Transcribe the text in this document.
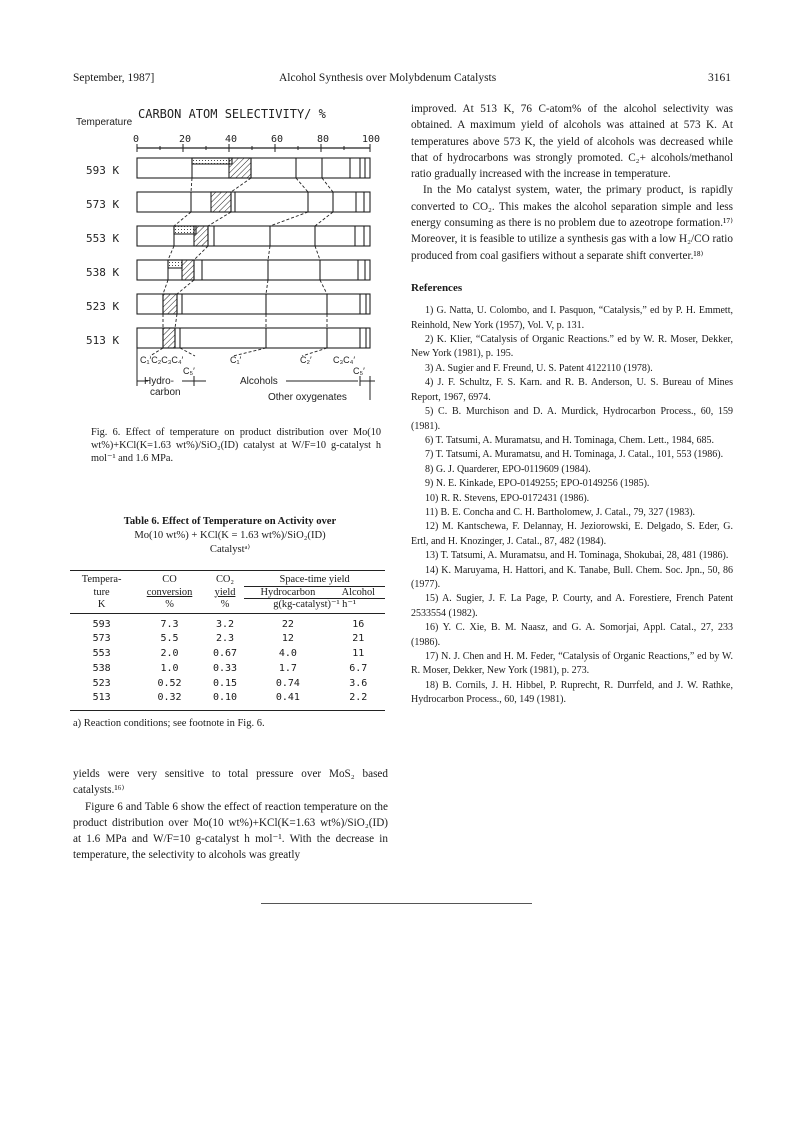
September, 1987]	Alcohol Synthesis over Molybdenum Catalysts	3161
Temperature
CARBON ATOM SELECTIVITY/ %
0	20	40	60	80	100
593 K
573 K
553 K
538 K
523 K
513 K
C₁′C₂C₃C₄′
C₅′
C₁′	C₂′ C₃C₄′
C₅′
Hydro-
carbon
Alcohols
Other oxygenates
Fig. 6. Effect of temperature on product distribution over Mo(10 wt%)+KCl(K=1.63 wt%)/SiO₂(ID) catalyst at W/F=10 g-catalyst h mol⁻¹ and 1.6 MPa.
Table 6. Effect of Temperature on Activity over
Mo(10 wt%) + KCl(K = 1.63 wt%)/SiO₂(ID)
Catalystᵃ⁾
Tempera-	CO	CO₂	Space-time yield	
ture	conversion	yield	Hydrocarbon	Alcohol
K	%	%	g(kg-catalyst)⁻¹ h⁻¹	
593	7.3	3.2	22	16
573	5.5	2.3	12	21
553	2.0	0.67	4.0	11
538	1.0	0.33	1.7	6.7
523	0.52	0.15	0.74	3.6
513	0.32	0.10	0.41	2.2
a) Reaction conditions; see footnote in Fig. 6.

yields were very sensitive to total pressure over MoS₂ based catalysts.¹⁶⁾

Figure 6 and Table 6 show the effect of reaction temperature on the product distribution over Mo(10 wt%)+KCl(K=1.63 wt%)/SiO₂(ID) at 1.6 MPa and W/F=10 g-catalyst h mol⁻¹. With the decrease in temperature, the selectivity to alcohols was greatly

improved. At 513 K, 76 C-atom% of the alcohol selectivity was obtained. A maximum yield of alcohols was attained at 573 K. At temperatures above 573 K, the yield of alcohols was decreased while that of hydrocarbons was strongly promoted. C₂+ alcohols/methanol ratio gradually increased with the increase in temperature.

In the Mo catalyst system, water, the primary product, is rapidly converted to CO₂. This makes the alcohol separation simple and less energy consuming as there is no problem due to azeotrope formation.¹⁷⁾ Moreover, it is feasible to utilize a synthesis gas with a low H₂/CO ratio produced from coal gasifiers without a separate shift converter.¹⁸⁾

References

1) G. Natta, U. Colombo, and I. Pasquon, “Catalysis,” ed by P. H. Emmett, Reinhold, New York (1957), Vol. V, p. 131.

2) K. Klier, “Catalysis of Organic Reactions.” ed by W. R. Moser, Dekker, New York (1981), p. 195.

3) A. Sugier and F. Freund, U. S. Patent 4122110 (1978).

4) J. F. Schultz, F. S. Karn. and R. B. Anderson, U. S. Bureau of Mines Report, 1967, 6974.

5) C. B. Murchison and D. A. Murdick, Hydrocarbon Process., 60, 159 (1981).

6) T. Tatsumi, A. Muramatsu, and H. Tominaga, Chem. Lett., 1984, 685.

7) T. Tatsumi, A. Muramatsu, and H. Tominaga, J. Catal., 101, 553 (1986).

8) G. J. Quarderer, EPO-0119609 (1984).

9) N. E. Kinkade, EPO-0149255; EPO-0149256 (1985).

10) R. R. Stevens, EPO-0172431 (1986).

11) B. E. Concha and C. H. Bartholomew, J. Catal., 79, 327 (1983).

12) M. Kantschewa, F. Delannay, H. Jeziorowski, E. Delgado, S. Eder, G. Ertl, and H. Knozinger, J. Catal., 87, 482 (1984).

13) T. Tatsumi, A. Muramatsu, and H. Tominaga, Shokubai, 28, 481 (1986).

14) K. Maruyama, H. Hattori, and K. Tanabe, Bull. Chem. Soc. Jpn., 50, 86 (1977).

15) A. Sugier, J. F. La Page, P. Courty, and A. Forestiere, French Patent 2533554 (1982).

16) Y. C. Xie, B. M. Naasz, and G. A. Somorjai, Appl. Catal., 27, 233 (1986).

17) N. J. Chen and H. M. Feder, “Catalysis of Organic Reactions,” ed by W. R. Moser, Dekker, New York (1981), p. 273.

18) B. Cornils, J. H. Hibbel, P. Ruprecht, R. Durrfeld, and J. W. Rathke, Hydrocarbon Process., 60, 149 (1981).
